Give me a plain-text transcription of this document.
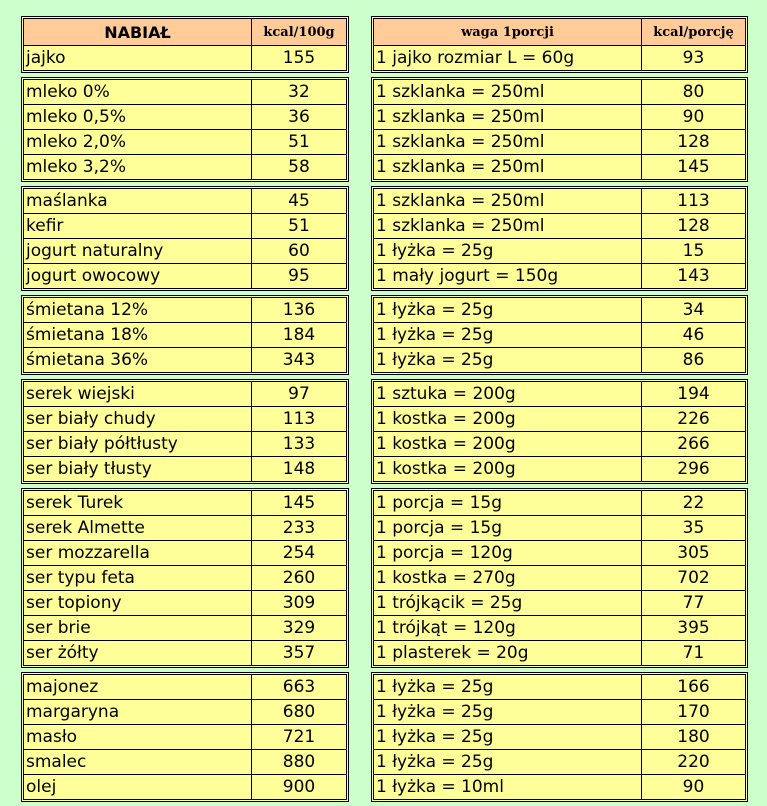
NABIAŁ	kcal/100g
jajko	155
mleko 0%	32
mleko 0,5%	36
mleko 2,0%	51
mleko 3,2%	58
maślanka	45
kefir	51
jogurt naturalny	60
jogurt owocowy	95
śmietana 12%	136
śmietana 18%	184
śmietana 36%	343
serek wiejski	97
ser biały chudy	113
ser biały półtłusty	133
ser biały tłusty	148
serek Turek	145
serek Almette	233
ser mozzarella	254
ser typu feta	260
ser topiony	309
ser brie	329
ser żółty	357
majonez	663
margaryna	680
masło	721
smalec	880
olej	900
waga 1porcji	kcal/porcję
1 jajko rozmiar L = 60g	93
1 szklanka = 250ml	80
1 szklanka = 250ml	90
1 szklanka = 250ml	128
1 szklanka = 250ml	145
1 szklanka = 250ml	113
1 szklanka = 250ml	128
1 łyżka = 25g	15
1 mały jogurt = 150g	143
1 łyżka = 25g	34
1 łyżka = 25g	46
1 łyżka = 25g	86
1 sztuka = 200g	194
1 kostka = 200g	226
1 kostka = 200g	266
1 kostka = 200g	296
1 porcja = 15g	22
1 porcja = 15g	35
1 porcja = 120g	305
1 kostka = 270g	702
1 trójkącik = 25g	77
1 trójkąt = 120g	395
1 plasterek = 20g	71
1 łyżka = 25g	166
1 łyżka = 25g	170
1 łyżka = 25g	180
1 łyżka = 25g	220
1 łyżka = 10ml	90
